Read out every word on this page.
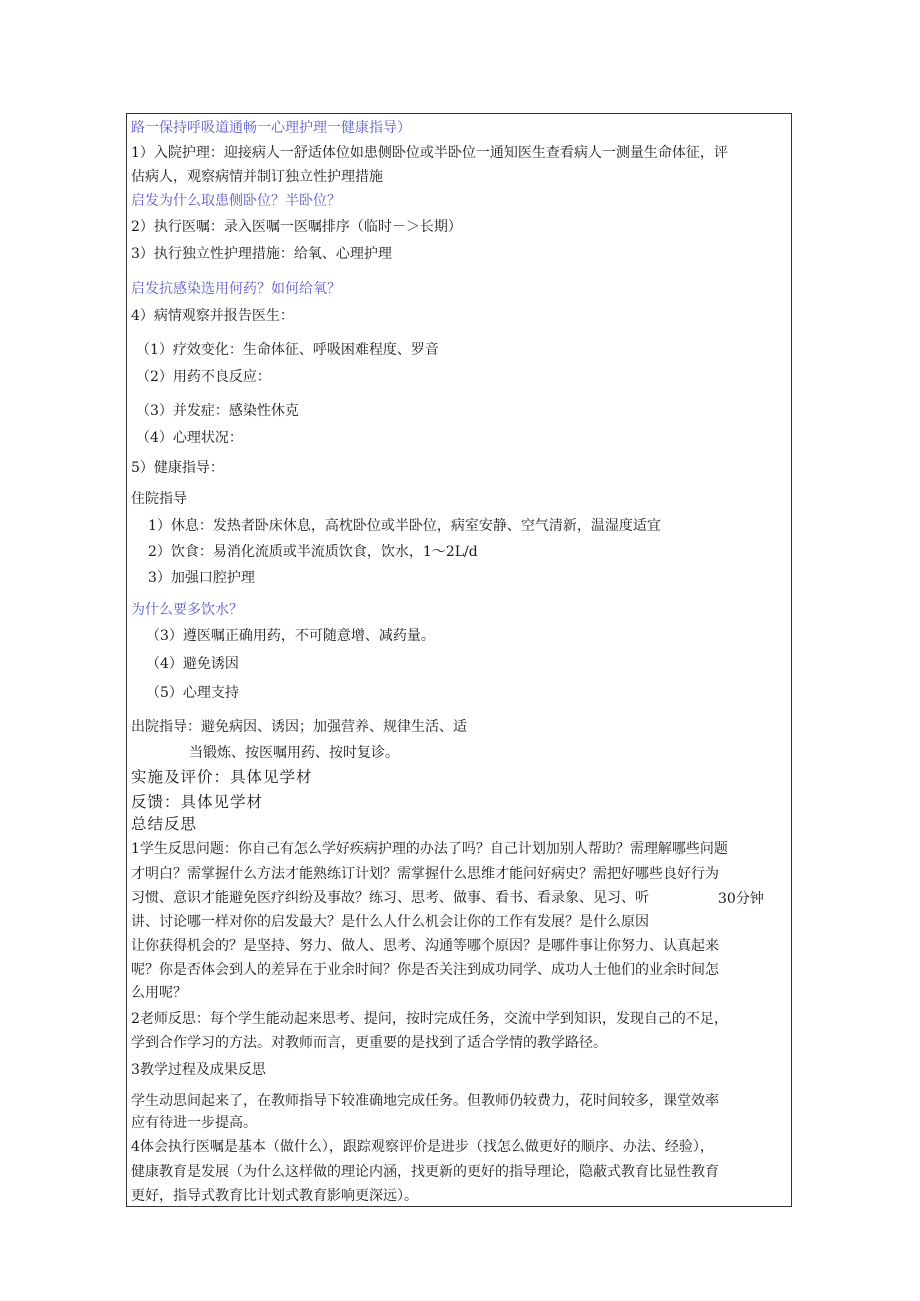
路一保持呼吸道通畅一心理护理一健康指导）
1）入院护理：迎接病人一舒适体位如患侧卧位或半卧位一通知医生查看病人一测量生命体征，评
估病人，观察病情并制订独立性护理措施
启发为什么取患侧卧位？半卧位？
2）执行医嘱：录入医嘱一医嘱排序（临时－＞长期）
3）执行独立性护理措施：给氧、心理护理
启发抗感染选用何药？如何给氧？
4）病情观察并报告医生：
（1）疗效变化：生命体征、呼吸困难程度、罗音
（2）用药不良反应：
（3）并发症：感染性休克
（4）心理状况：
5）健康指导：
住院指导
1）休息：发热者卧床休息，高枕卧位或半卧位，病室安静、空气清新，温湿度适宜
2）饮食：易消化流质或半流质饮食，饮水，1～2L/d
3）加强口腔护理
为什么要多饮水？
（3）遵医嘱正确用药，不可随意增、减药量。
（4）避免诱因
（5）心理支持
出院指导：避免病因、诱因；加强营养、规律生活、适
当锻炼、按医嘱用药、按时复诊。
实施及评价：具体见学材
反馈：具体见学材
总结反思
1学生反思问题：你自己有怎么学好疾病护理的办法了吗？自己计划加别人帮助？需理解哪些问题
才明白？需掌握什么方法才能熟练订计划？需掌握什么思维才能问好病史？需把好哪些良好行为
习惯、意识才能避免医疗纠纷及事故？练习、思考、做事、看书、看录象、见习、听	30分钟
讲、讨论哪一样对你的启发最大？是什么人什么机会让你的工作有发展？是什么原因
让你获得机会的？是坚持、努力、做人、思考、沟通等哪个原因？是哪件事让你努力、认真起来
呢？你是否体会到人的差异在于业余时间？你是否关注到成功同学、成功人士他们的业余时间怎
么用呢？
2老师反思：每个学生能动起来思考、提问，按时完成任务，交流中学到知识，发现自己的不足，
学到合作学习的方法。对教师而言，更重要的是找到了适合学情的教学路径。
3教学过程及成果反思
学生动思间起来了，在教师指导下较准确地完成任务。但教师仍较费力，花时间较多，课堂效率
应有待进一步提高。
4体会执行医嘱是基本（做什么），跟踪观察评价是进步（找怎么做更好的顺序、办法、经验），
健康教育是发展（为什么这样做的理论内涵，找更新的更好的指导理论，隐蔽式教育比显性教育
更好，指导式教育比计划式教育影响更深远）。
